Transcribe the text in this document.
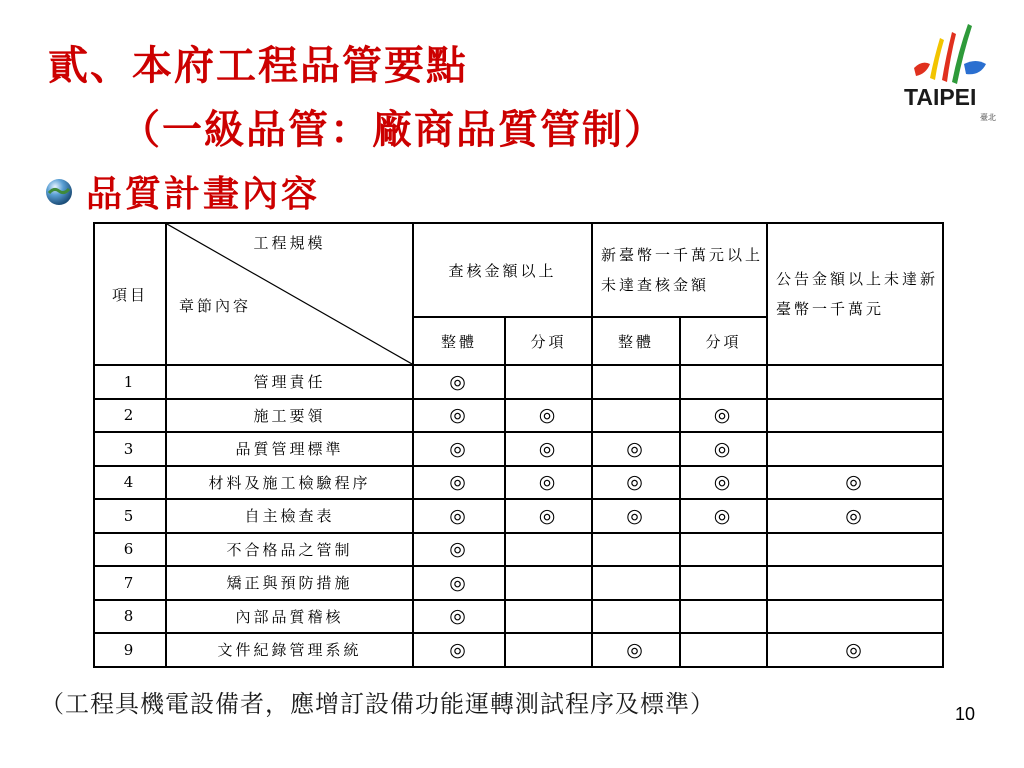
貳、本府工程品管要點
（一級品管：廠商品質管制）
品質計畫內容
TAIPEI
臺北
項目	工程規模
章節內容	查核金額以上		新臺幣一千萬元以上未達查核金額		公告金額以上未達新臺幣一千萬元
		整體	分項	整體	分項	
1	管理責任	◎				
2	施工要領	◎	◎		◎	
3	品質管理標準	◎	◎	◎	◎	
4	材料及施工檢驗程序	◎	◎	◎	◎	◎
5	自主檢查表	◎	◎	◎	◎	◎
6	不合格品之管制	◎				
7	矯正與預防措施	◎				
8	內部品質稽核	◎				
9	文件紀錄管理系統	◎		◎		◎
（工程具機電設備者，應增訂設備功能運轉測試程序及標準）	10
